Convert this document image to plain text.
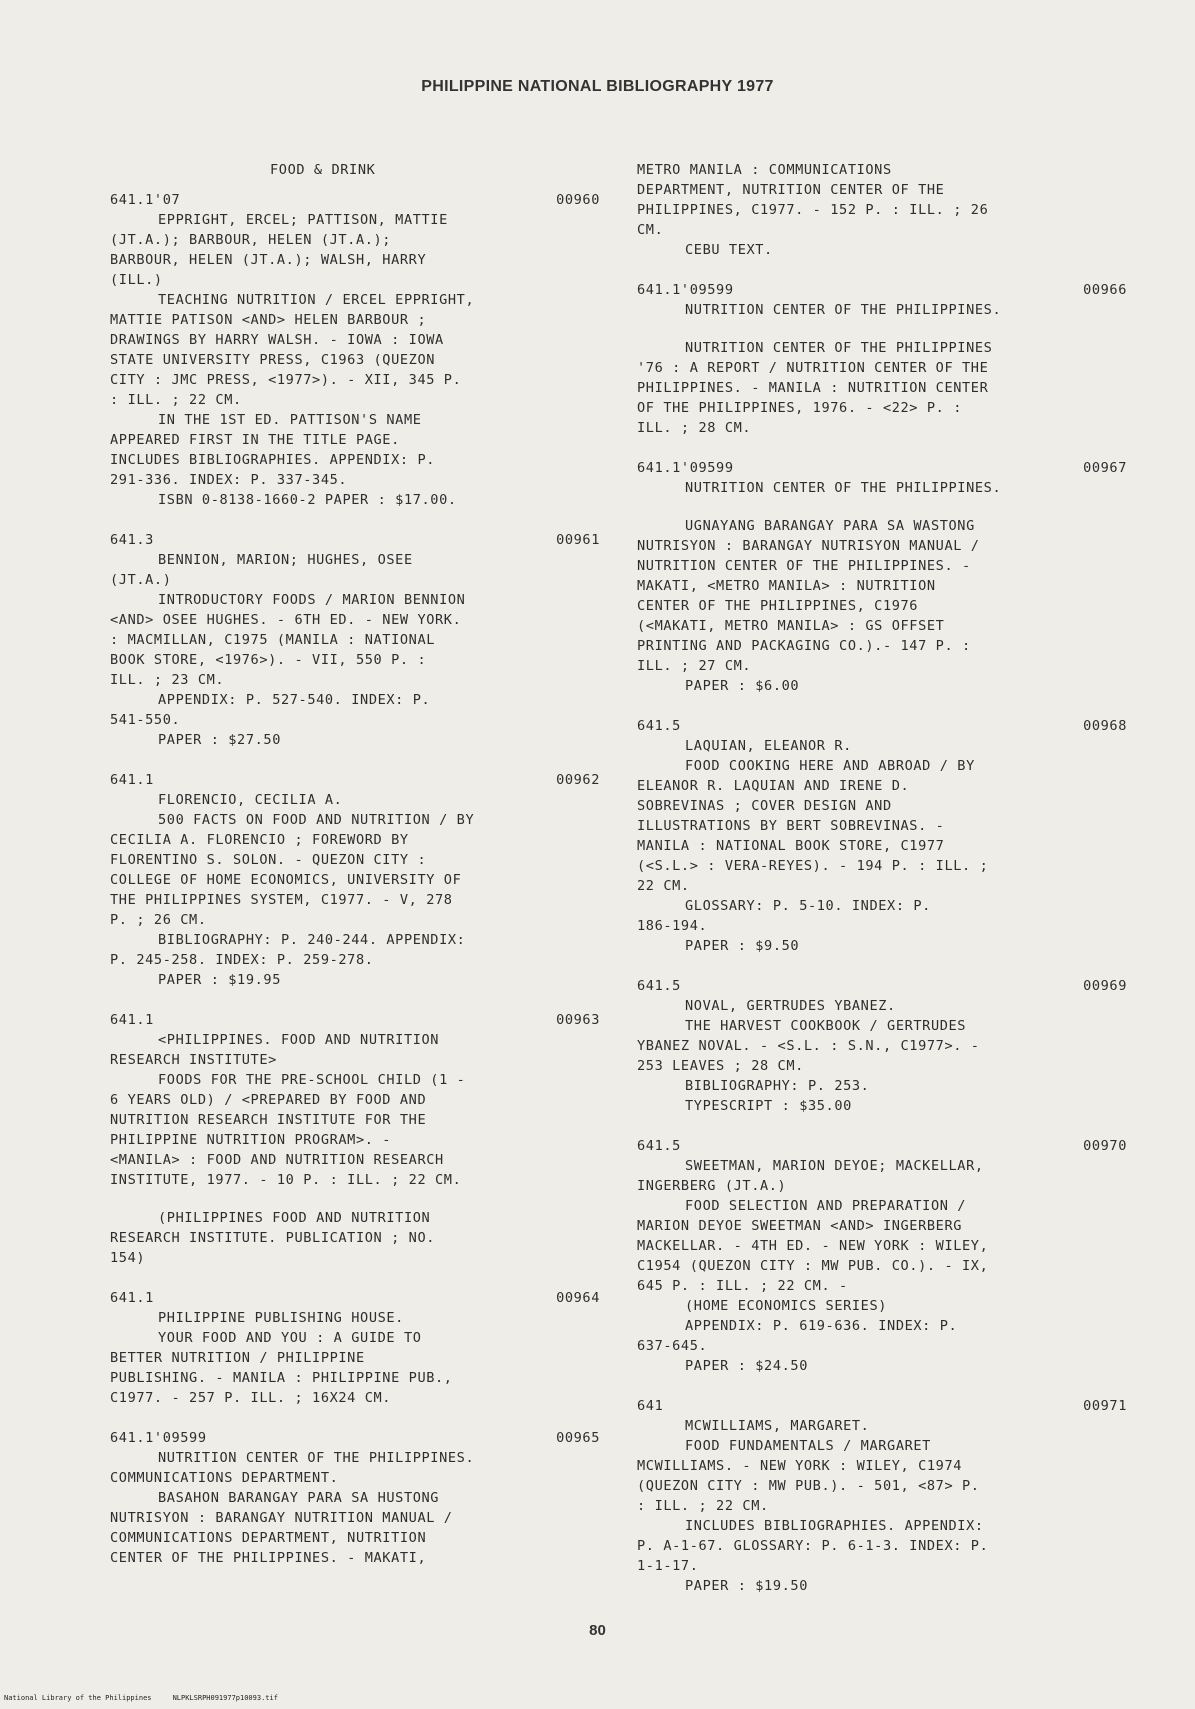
PHILIPPINE NATIONAL BIBLIOGRAPHY 1977
FOOD & DRINK
641.1'07	00960
EPPRIGHT, ERCEL; PATTISON, MATTIE
(JT.A.); BARBOUR, HELEN (JT.A.);
BARBOUR, HELEN (JT.A.); WALSH, HARRY
(ILL.)
TEACHING NUTRITION / ERCEL EPPRIGHT,
MATTIE PATISON <AND> HELEN BARBOUR ;
DRAWINGS BY HARRY WALSH. - IOWA : IOWA
STATE UNIVERSITY PRESS, C1963 (QUEZON
CITY : JMC PRESS, <1977>). - XII, 345 P.
: ILL. ; 22 CM.
IN THE 1ST ED. PATTISON'S NAME
APPEARED FIRST IN THE TITLE PAGE.
INCLUDES BIBLIOGRAPHIES. APPENDIX: P.
291-336. INDEX: P. 337-345.
ISBN 0-8138-1660-2 PAPER : $17.00.
641.3	00961
BENNION, MARION; HUGHES, OSEE
(JT.A.)
INTRODUCTORY FOODS / MARION BENNION
<AND> OSEE HUGHES. - 6TH ED. - NEW YORK.
: MACMILLAN, C1975 (MANILA : NATIONAL
BOOK STORE, <1976>). - VII, 550 P. :
ILL. ; 23 CM.
APPENDIX: P. 527-540. INDEX: P.
541-550.
PAPER : $27.50
641.1	00962
FLORENCIO, CECILIA A.
500 FACTS ON FOOD AND NUTRITION / BY
CECILIA A. FLORENCIO ; FOREWORD BY
FLORENTINO S. SOLON. - QUEZON CITY :
COLLEGE OF HOME ECONOMICS, UNIVERSITY OF
THE PHILIPPINES SYSTEM, C1977. - V, 278
P. ; 26 CM.
BIBLIOGRAPHY: P. 240-244. APPENDIX:
P. 245-258. INDEX: P. 259-278.
PAPER : $19.95
641.1	00963
<PHILIPPINES. FOOD AND NUTRITION
RESEARCH INSTITUTE>
FOODS FOR THE PRE-SCHOOL CHILD (1 -
6 YEARS OLD) / <PREPARED BY FOOD AND
NUTRITION RESEARCH INSTITUTE FOR THE
PHILIPPINE NUTRITION PROGRAM>. -
<MANILA> : FOOD AND NUTRITION RESEARCH
INSTITUTE, 1977. - 10 P. : ILL. ; 22 CM.
(PHILIPPINES FOOD AND NUTRITION
RESEARCH INSTITUTE. PUBLICATION ; NO.
154)
641.1	00964
PHILIPPINE PUBLISHING HOUSE.
YOUR FOOD AND YOU : A GUIDE TO
BETTER NUTRITION / PHILIPPINE
PUBLISHING. - MANILA : PHILIPPINE PUB.,
C1977. - 257 P. ILL. ; 16X24 CM.
641.1'09599	00965
NUTRITION CENTER OF THE PHILIPPINES.
COMMUNICATIONS DEPARTMENT.
BASAHON BARANGAY PARA SA HUSTONG
NUTRISYON : BARANGAY NUTRITION MANUAL /
COMMUNICATIONS DEPARTMENT, NUTRITION
CENTER OF THE PHILIPPINES. - MAKATI,
METRO MANILA : COMMUNICATIONS
DEPARTMENT, NUTRITION CENTER OF THE
PHILIPPINES, C1977. - 152 P. : ILL. ; 26
CM.
CEBU TEXT.
641.1'09599	00966
NUTRITION CENTER OF THE PHILIPPINES.
NUTRITION CENTER OF THE PHILIPPINES
'76 : A REPORT / NUTRITION CENTER OF THE
PHILIPPINES. - MANILA : NUTRITION CENTER
OF THE PHILIPPINES, 1976. - <22> P. :
ILL. ; 28 CM.
641.1'09599	00967
NUTRITION CENTER OF THE PHILIPPINES.
UGNAYANG BARANGAY PARA SA WASTONG
NUTRISYON : BARANGAY NUTRISYON MANUAL /
NUTRITION CENTER OF THE PHILIPPINES. -
MAKATI, <METRO MANILA> : NUTRITION
CENTER OF THE PHILIPPINES, C1976
(<MAKATI, METRO MANILA> : GS OFFSET
PRINTING AND PACKAGING CO.).- 147 P. :
ILL. ; 27 CM.
PAPER : $6.00
641.5	00968
LAQUIAN, ELEANOR R.
FOOD COOKING HERE AND ABROAD / BY
ELEANOR R. LAQUIAN AND IRENE D.
SOBREVINAS ; COVER DESIGN AND
ILLUSTRATIONS BY BERT SOBREVINAS. -
MANILA : NATIONAL BOOK STORE, C1977
(<S.L.> : VERA-REYES). - 194 P. : ILL. ;
22 CM.
GLOSSARY: P. 5-10. INDEX: P.
186-194.
PAPER : $9.50
641.5	00969
NOVAL, GERTRUDES YBANEZ.
THE HARVEST COOKBOOK / GERTRUDES
YBANEZ NOVAL. - <S.L. : S.N., C1977>. -
253 LEAVES ; 28 CM.
BIBLIOGRAPHY: P. 253.
TYPESCRIPT : $35.00
641.5	00970
SWEETMAN, MARION DEYOE; MACKELLAR,
INGERBERG (JT.A.)
FOOD SELECTION AND PREPARATION /
MARION DEYOE SWEETMAN <AND> INGERBERG
MACKELLAR. - 4TH ED. - NEW YORK : WILEY,
C1954 (QUEZON CITY : MW PUB. CO.). - IX,
645 P. : ILL. ; 22 CM. -
(HOME ECONOMICS SERIES)
APPENDIX: P. 619-636. INDEX: P.
637-645.
PAPER : $24.50
641	00971
MCWILLIAMS, MARGARET.
FOOD FUNDAMENTALS / MARGARET
MCWILLIAMS. - NEW YORK : WILEY, C1974
(QUEZON CITY : MW PUB.). - 501, <87> P.
: ILL. ; 22 CM.
INCLUDES BIBLIOGRAPHIES. APPENDIX:
P. A-1-67. GLOSSARY: P. 6-1-3. INDEX: P.
1-1-17.
PAPER : $19.50
80
National Library of the Philippines     NLPKLSRPH091977p10093.tif
